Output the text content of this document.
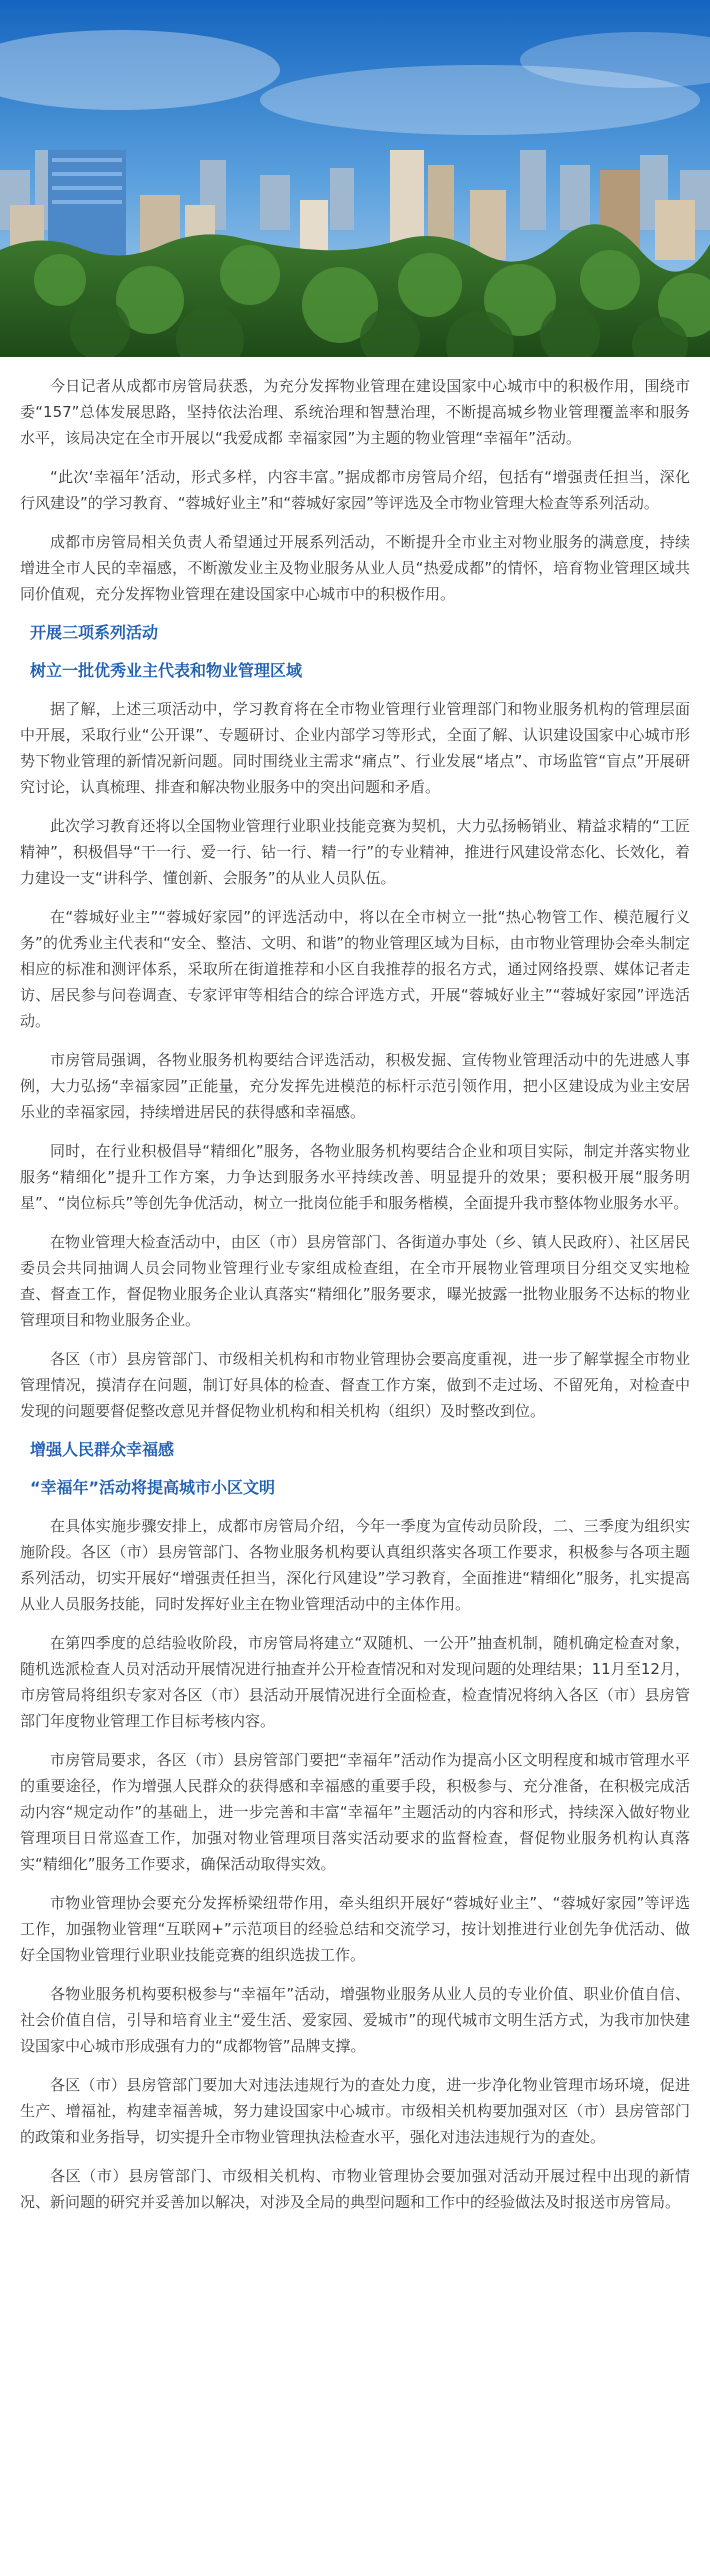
今日记者从成都市房管局获悉，为充分发挥物业管理在建设国家中心城市中的积极作用，围绕市委“157”总体发展思路，坚持依法治理、系统治理和智慧治理，不断提高城乡物业管理覆盖率和服务水平，该局决定在全市开展以“我爱成都 幸福家园”为主题的物业管理“幸福年”活动。

“此次‘幸福年’活动，形式多样，内容丰富。”据成都市房管局介绍，包括有“增强责任担当，深化行风建设”的学习教育、“蓉城好业主”和“蓉城好家园”等评选及全市物业管理大检查等系列活动。

成都市房管局相关负责人希望通过开展系列活动，不断提升全市业主对物业服务的满意度，持续增进全市人民的幸福感，不断激发业主及物业服务从业人员“热爱成都”的情怀，培育物业管理区域共同价值观，充分发挥物业管理在建设国家中心城市中的积极作用。

开展三项系列活动
树立一批优秀业主代表和物业管理区域

据了解，上述三项活动中，学习教育将在全市物业管理行业管理部门和物业服务机构的管理层面中开展，采取行业“公开课”、专题研讨、企业内部学习等形式，全面了解、认识建设国家中心城市形势下物业管理的新情况新问题。同时围绕业主需求“痛点”、行业发展“堵点”、市场监管“盲点”开展研究讨论，认真梳理、排查和解决物业服务中的突出问题和矛盾。

此次学习教育还将以全国物业管理行业职业技能竞赛为契机，大力弘扬畅销业、精益求精的“工匠精神”，积极倡导“干一行、爱一行、钻一行、精一行”的专业精神，推进行风建设常态化、长效化，着力建设一支“讲科学、懂创新、会服务”的从业人员队伍。

在“蓉城好业主”“蓉城好家园”的评选活动中，将以在全市树立一批“热心物管工作、模范履行义务”的优秀业主代表和“安全、整洁、文明、和谐”的物业管理区域为目标，由市物业管理协会牵头制定相应的标准和测评体系，采取所在街道推荐和小区自我推荐的报名方式，通过网络投票、媒体记者走访、居民参与问卷调查、专家评审等相结合的综合评选方式，开展“蓉城好业主”“蓉城好家园”评选活动。

市房管局强调，各物业服务机构要结合评选活动，积极发掘、宣传物业管理活动中的先进感人事例，大力弘扬“幸福家园”正能量，充分发挥先进模范的标杆示范引领作用，把小区建设成为业主安居乐业的幸福家园，持续增进居民的获得感和幸福感。

同时，在行业积极倡导“精细化”服务，各物业服务机构要结合企业和项目实际，制定并落实物业服务“精细化”提升工作方案，力争达到服务水平持续改善、明显提升的效果；要积极开展“服务明星”、“岗位标兵”等创先争优活动，树立一批岗位能手和服务楷模，全面提升我市整体物业服务水平。

在物业管理大检查活动中，由区（市）县房管部门、各街道办事处（乡、镇人民政府）、社区居民委员会共同抽调人员会同物业管理行业专家组成检查组，在全市开展物业管理项目分组交叉实地检查、督查工作，督促物业服务企业认真落实“精细化”服务要求，曝光披露一批物业服务不达标的物业管理项目和物业服务企业。

各区（市）县房管部门、市级相关机构和市物业管理协会要高度重视，进一步了解掌握全市物业管理情况，摸清存在问题，制订好具体的检查、督查工作方案，做到不走过场、不留死角，对检查中发现的问题要督促整改意见并督促物业机构和相关机构（组织）及时整改到位。

增强人民群众幸福感
“幸福年”活动将提高城市小区文明

在具体实施步骤安排上，成都市房管局介绍，今年一季度为宣传动员阶段，二、三季度为组织实施阶段。各区（市）县房管部门、各物业服务机构要认真组织落实各项工作要求，积极参与各项主题系列活动，切实开展好“增强责任担当，深化行风建设”学习教育，全面推进“精细化”服务，扎实提高从业人员服务技能，同时发挥好业主在物业管理活动中的主体作用。

在第四季度的总结验收阶段，市房管局将建立“双随机、一公开”抽查机制，随机确定检查对象，随机选派检查人员对活动开展情况进行抽查并公开检查情况和对发现问题的处理结果；11月至12月，市房管局将组织专家对各区（市）县活动开展情况进行全面检查，检查情况将纳入各区（市）县房管部门年度物业管理工作目标考核内容。

市房管局要求，各区（市）县房管部门要把“幸福年”活动作为提高小区文明程度和城市管理水平的重要途径，作为增强人民群众的获得感和幸福感的重要手段，积极参与、充分准备，在积极完成活动内容“规定动作”的基础上，进一步完善和丰富“幸福年”主题活动的内容和形式，持续深入做好物业管理项目日常巡查工作，加强对物业管理项目落实活动要求的监督检查，督促物业服务机构认真落实“精细化”服务工作要求，确保活动取得实效。

市物业管理协会要充分发挥桥梁纽带作用，牵头组织开展好“蓉城好业主”、“蓉城好家园”等评选工作，加强物业管理“互联网+”示范项目的经验总结和交流学习，按计划推进行业创先争优活动、做好全国物业管理行业职业技能竞赛的组织选拔工作。

各物业服务机构要积极参与“幸福年”活动，增强物业服务从业人员的专业价值、职业价值自信、社会价值自信，引导和培育业主“爱生活、爱家园、爱城市”的现代城市文明生活方式，为我市加快建设国家中心城市形成强有力的“成都物管”品牌支撑。

各区（市）县房管部门要加大对违法违规行为的查处力度，进一步净化物业管理市场环境，促进生产、增福祉，构建幸福善城，努力建设国家中心城市。市级相关机构要加强对区（市）县房管部门的政策和业务指导，切实提升全市物业管理执法检查水平，强化对违法违规行为的查处。

各区（市）县房管部门、市级相关机构、市物业管理协会要加强对活动开展过程中出现的新情况、新问题的研究并妥善加以解决，对涉及全局的典型问题和工作中的经验做法及时报送市房管局。
